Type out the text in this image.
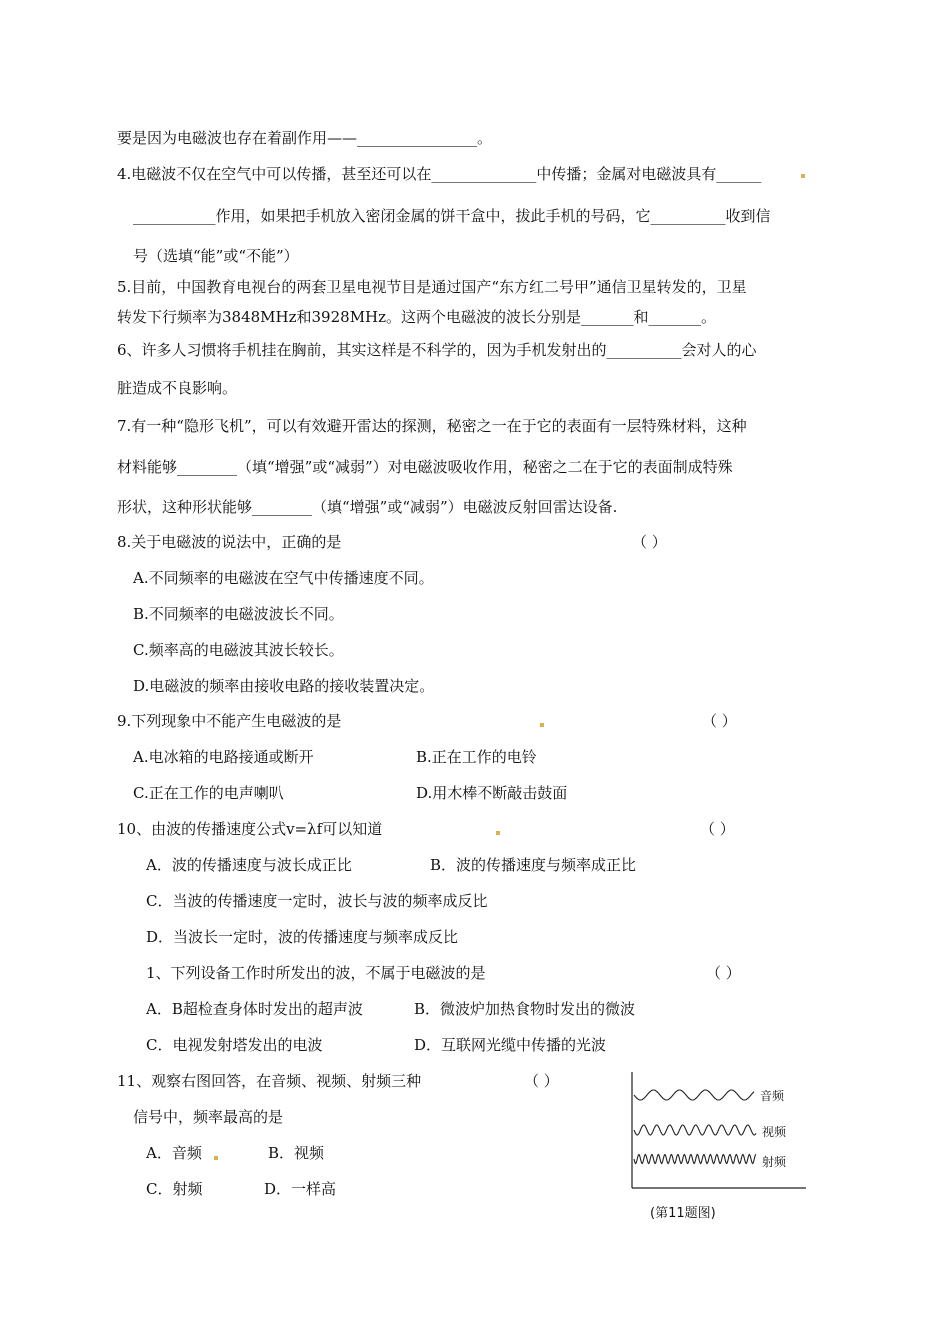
要是因为电磁波也存在着副作用——________________。
4.电磁波不仅在空气中可以传播，甚至还可以在______________中传播；金属对电磁波具有______
___________作用，如果把手机放入密闭金属的饼干盒中，拔此手机的号码，它__________收到信
号（选填“能”或“不能”）
5.目前，中国教育电视台的两套卫星电视节目是通过国产“东方红二号甲”通信卫星转发的，卫星
转发下行频率为3848MHz和3928MHz。这两个电磁波的波长分别是_______和_______。
6、许多人习惯将手机挂在胸前，其实这样是不科学的，因为手机发射出的__________会对人的心
脏造成不良影响。
7.有一种“隐形飞机”，可以有效避开雷达的探测，秘密之一在于它的表面有一层特殊材料，这种
材料能够________（填“增强”或“减弱”）对电磁波吸收作用，秘密之二在于它的表面制成特殊
形状，这种形状能够________（填“增强”或“减弱”）电磁波反射回雷达设备.
8.关于电磁波的说法中，正确的是	（ ）
A.不同频率的电磁波在空气中传播速度不同。
B.不同频率的电磁波波长不同。
C.频率高的电磁波其波长较长。
D.电磁波的频率由接收电路的接收装置决定。
9.下列现象中不能产生电磁波的是	（ ）
A.电冰箱的电路接通或断开	B.正在工作的电铃
C.正在工作的电声喇叭	D.用木棒不断敲击鼓面
10、由波的传播速度公式v=λf可以知道	（ ）
A．波的传播速度与波长成正比	B．波的传播速度与频率成正比
C．当波的传播速度一定时，波长与波的频率成反比
D．当波长一定时，波的传播速度与频率成反比
1、下列设备工作时所发出的波，不属于电磁波的是	（ ）
A．B超检查身体时发出的超声波	B．微波炉加热食物时发出的微波
C．电视发射塔发出的电波	D．互联网光缆中传播的光波
11、观察右图回答，在音频、视频、射频三种	（ ）
信号中，频率最高的是
A．音频	B．视频
C．射频	D．一样高
音频
视频
射频
(第11题图)
